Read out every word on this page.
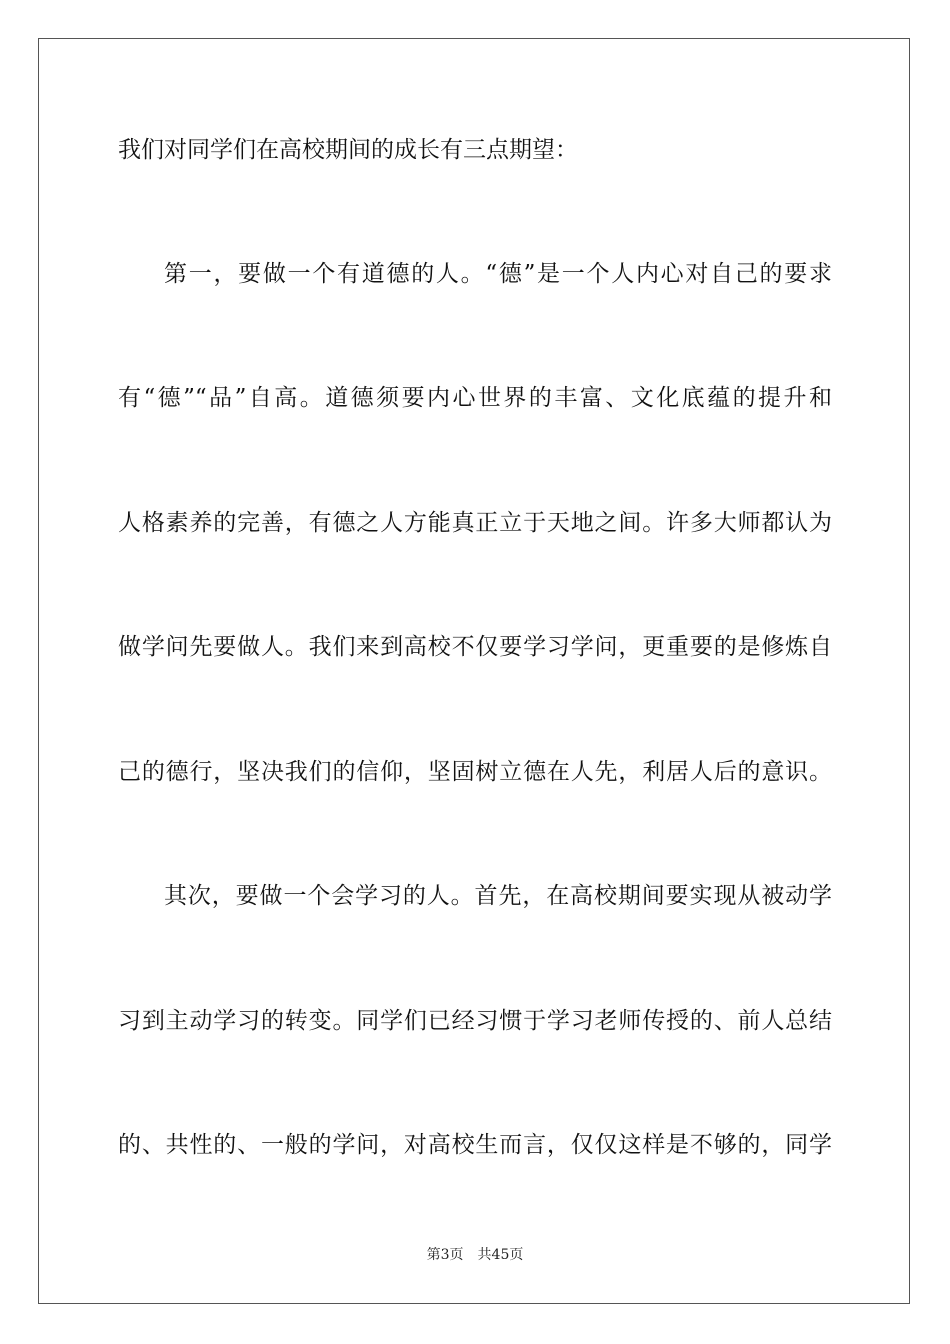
我们对同学们在高校期间的成长有三点期望：
第一，要做一个有道德的人。“德”是一个人内心对自己的要求
有“德”“品”自高。道德须要内心世界的丰富、文化底蕴的提升和
人格素养的完善，有德之人方能真正立于天地之间。许多大师都认为
做学问先要做人。我们来到高校不仅要学习学问，更重要的是修炼自
己的德行，坚决我们的信仰，坚固树立德在人先，利居人后的意识。
其次，要做一个会学习的人。首先，在高校期间要实现从被动学
习到主动学习的转变。同学们已经习惯于学习老师传授的、前人总结
的、共性的、一般的学问，对高校生而言，仅仅这样是不够的，同学
第3页 共45页
